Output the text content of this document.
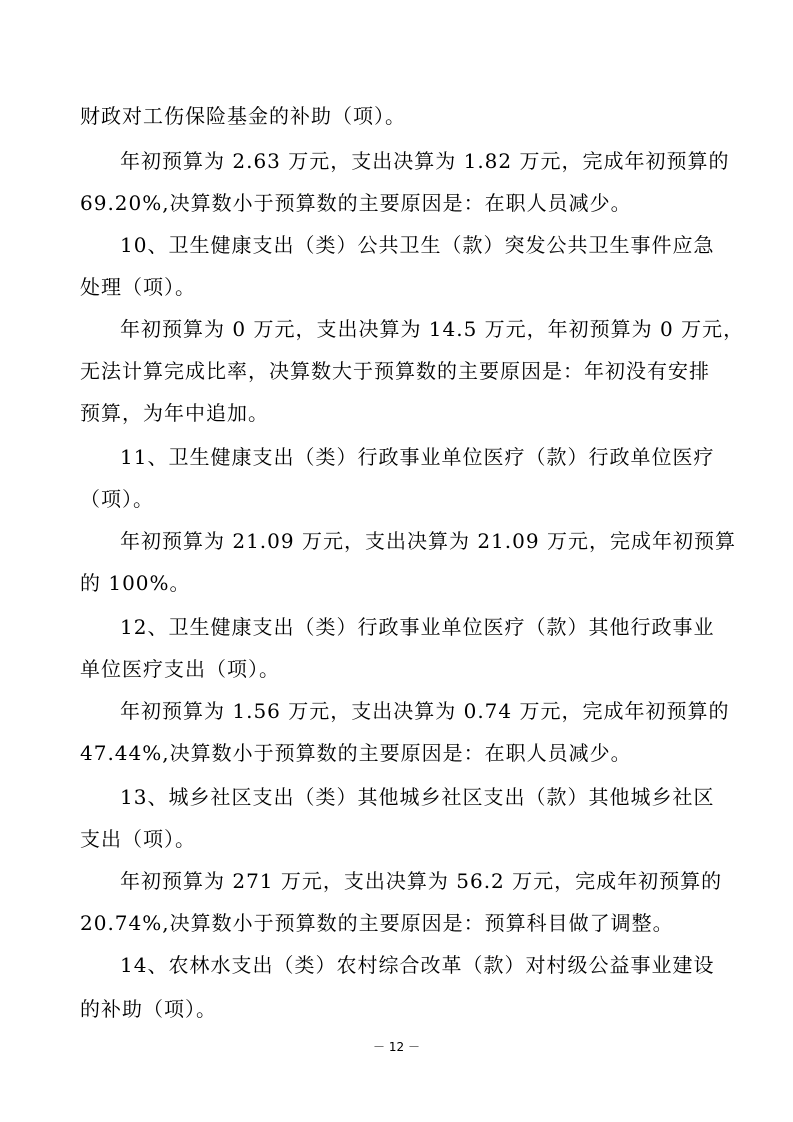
财政对工伤保险基金的补助（项）。
年初预算为 2.63 万元，支出决算为 1.82 万元，完成年初预算的
69.20%,决算数小于预算数的主要原因是：在职人员减少。
10、卫生健康支出（类）公共卫生（款）突发公共卫生事件应急
处理（项）。
年初预算为 0 万元，支出决算为 14.5 万元，年初预算为 0 万元，
无法计算完成比率，决算数大于预算数的主要原因是：年初没有安排
预算，为年中追加。
11、卫生健康支出（类）行政事业单位医疗（款）行政单位医疗
（项）。
年初预算为 21.09 万元，支出决算为 21.09 万元，完成年初预算
的 100%。
12、卫生健康支出（类）行政事业单位医疗（款）其他行政事业
单位医疗支出（项）。
年初预算为 1.56 万元，支出决算为 0.74 万元，完成年初预算的
47.44%,决算数小于预算数的主要原因是：在职人员减少。
13、城乡社区支出（类）其他城乡社区支出（款）其他城乡社区
支出（项）。
年初预算为 271 万元，支出决算为 56.2 万元，完成年初预算的
20.74%,决算数小于预算数的主要原因是：预算科目做了调整。
14、农林水支出（类）农村综合改革（款）对村级公益事业建设
的补助（项）。
－ 12 －
